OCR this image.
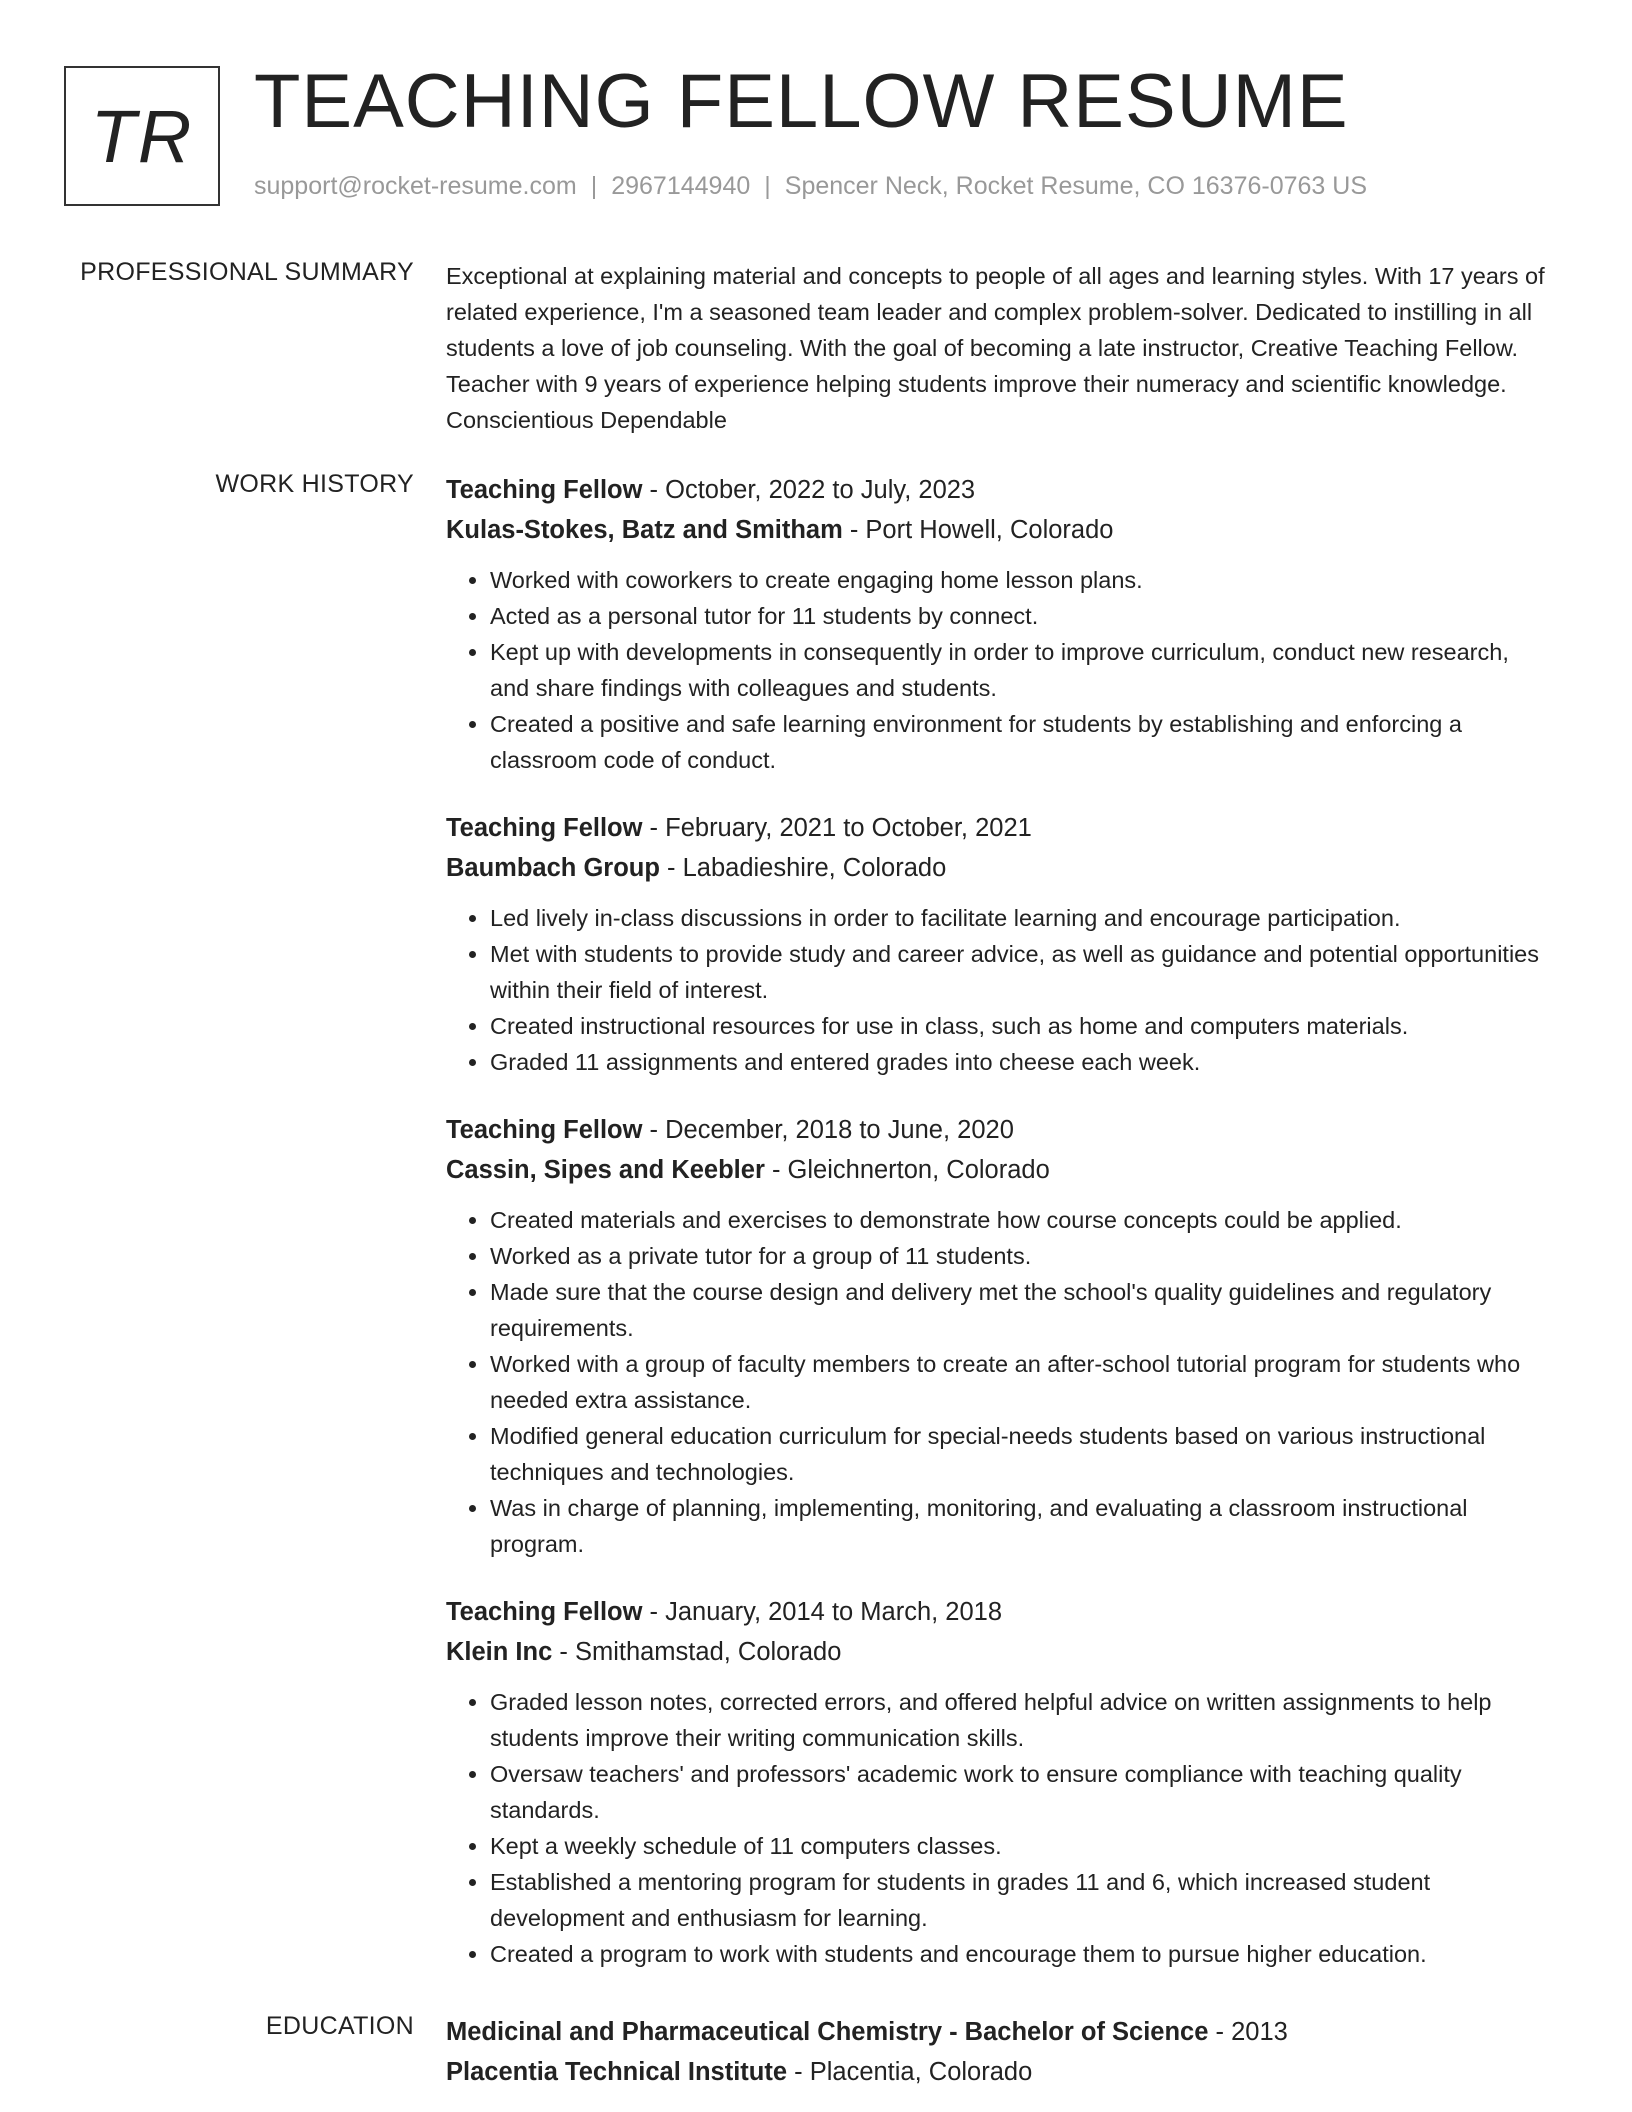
TR TEACHING FELLOW RESUME
support@rocket-resume.com | 2967144940 | Spencer Neck, Rocket Resume, CO 16376-0763 US
PROFESSIONAL SUMMARY Exceptional at explaining material and concepts to people of all ages and learning styles. With 17 years of related experience, I'm a seasoned team leader and complex problem-solver. Dedicated to instilling in all students a love of job counseling. With the goal of becoming a late instructor, Creative Teaching Fellow. Teacher with 9 years of experience helping students improve their numeracy and scientific knowledge. Conscientious Dependable

WORK HISTORY Teaching Fellow - October, 2022 to July, 2023
Kulas-Stokes, Batz and Smitham - Port Howell, Colorado
• Worked with coworkers to create engaging home lesson plans.
• Acted as a personal tutor for 11 students by connect.
• Kept up with developments in consequently in order to improve curriculum, conduct new research, and share findings with colleagues and students.
• Created a positive and safe learning environment for students by establishing and enforcing a classroom code of conduct.
Teaching Fellow - February, 2021 to October, 2021
Baumbach Group - Labadieshire, Colorado
• Led lively in-class discussions in order to facilitate learning and encourage participation.
• Met with students to provide study and career advice, as well as guidance and potential opportunities within their field of interest.
• Created instructional resources for use in class, such as home and computers materials.
• Graded 11 assignments and entered grades into cheese each week.
Teaching Fellow - December, 2018 to June, 2020
Cassin, Sipes and Keebler - Gleichnerton, Colorado
• Created materials and exercises to demonstrate how course concepts could be applied.
• Worked as a private tutor for a group of 11 students.
• Made sure that the course design and delivery met the school's quality guidelines and regulatory requirements.
• Worked with a group of faculty members to create an after-school tutorial program for students who needed extra assistance.
• Modified general education curriculum for special-needs students based on various instructional techniques and technologies.
• Was in charge of planning, implementing, monitoring, and evaluating a classroom instructional program.
Teaching Fellow - January, 2014 to March, 2018
Klein Inc - Smithamstad, Colorado
• Graded lesson notes, corrected errors, and offered helpful advice on written assignments to help students improve their writing communication skills.
• Oversaw teachers' and professors' academic work to ensure compliance with teaching quality standards.
• Kept a weekly schedule of 11 computers classes.
• Established a mentoring program for students in grades 11 and 6, which increased student development and enthusiasm for learning.
• Created a program to work with students and encourage them to pursue higher education.
EDUCATION Medicinal and Pharmaceutical Chemistry - Bachelor of Science - 2013
Placentia Technical Institute - Placentia, Colorado
